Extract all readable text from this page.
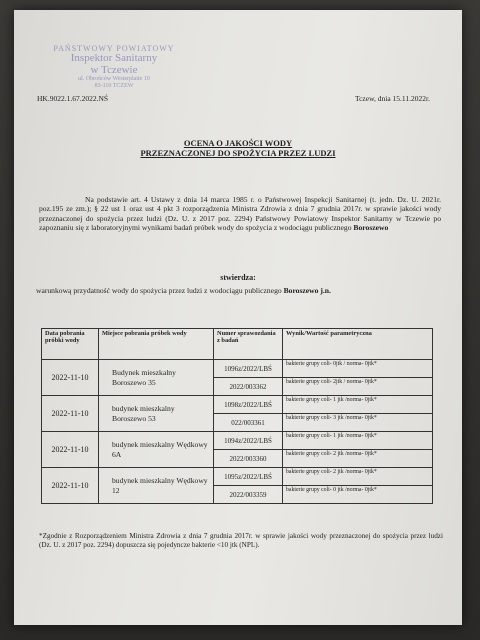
PAŃSTWOWY POWIATOWY
Inspektor Sanitarny
w Tczewie
ul. Obrońców Westerplatte 10
83-110 TCZEW
HK.9022.1.67.2022.NŚ	Tczew, dnia 15.11.2022r.
OCENA O JAKOŚCI WODY
PRZEZNACZONEJ DO SPOŻYCIA PRZEZ LUDZI
Na podstawie art. 4 Ustawy z dnia 14 marca 1985 r. o Państwowej Inspekcji Sanitarnej (t. jedn. Dz. U. 2021r. poz.195 ze zm.); § 22 ust 1 oraz ust 4 pkt 3 rozporządzenia Ministra Zdrowia z dnia 7 grudnia 2017r. w sprawie jakości wody przeznaczonej do spożycia przez ludzi (Dz. U. z 2017 poz. 2294) Państwowy Powiatowy Inspektor Sanitarny w Tczewie po zapoznaniu się z laboratoryjnymi wynikami badań próbek wody do spożycia z wodociągu publicznego Boroszewo
stwierdza:
warunkową przydatność wody do spożycia przez ludzi z wodociągu publicznego Boroszewo j.n.
Data pobrania próbki wody	Miejsce pobrania próbek wody	Numer sprawozdania z badań	Wynik/Wartość parametryczna
2022-11-10	Budynek mieszkalny Boroszewo 35	1096z/2022/LBŚ	bakterie grupy coli- 0jtk / norma- 0jtk*
		2022/003362	bakterie grupy coli- 2jtk / norma- 0jtk*
2022-11-10	budynek mieszkalny Boroszewo 53	1098z/2022/LBŚ	bakterie grupy coli- 1 jtk /norma- 0jtk*
		022/003361	bakterie grupy coli- 3 jtk /norma- 0jtk*
2022-11-10	budynek mieszkalny Wędkowy 6A	1094z/2022/LBŚ	bakterie grupy coli- 1 jtk /norma- 0jtk*
		2022/003360	bakterie grupy coli- 2 jtk /norma- 0jtk*
2022-11-10	budynek mieszkalny Wędkowy 12	1095z/2022/LBŚ	bakterie grupy coli- 2 jtk /norma- 0jtk*
		2022/003359	bakterie grupy coli- 0 jtk /norma- 0jtk*
*Zgodnie z Rozporządzeniem Ministra Zdrowia z dnia 7 grudnia 2017r. w sprawie jakości wody przeznaczonej do spożycia przez ludzi (Dz. U. z 2017 poz. 2294) dopuszcza się pojedyncze bakterie <10 jtk (NPL).
